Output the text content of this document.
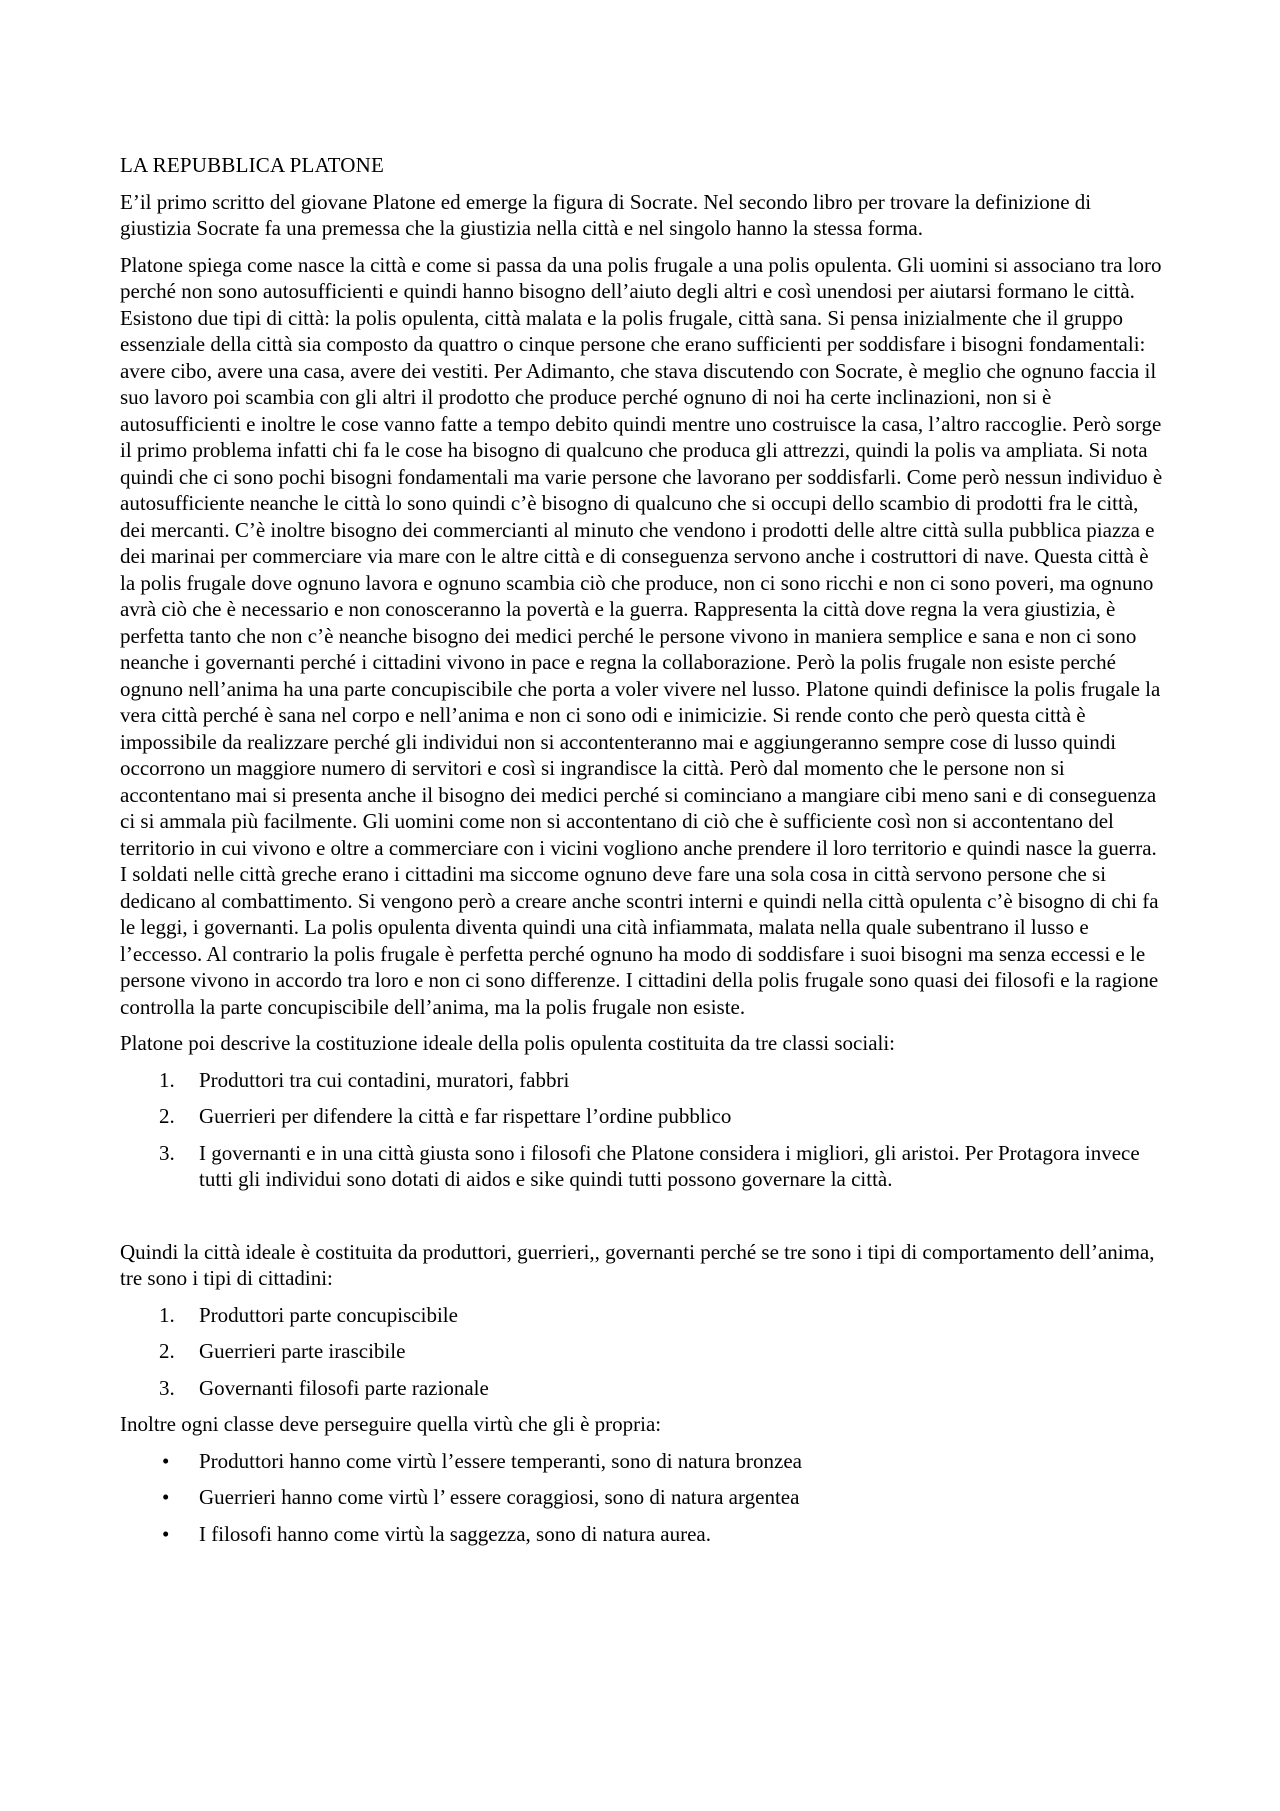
LA REPUBBLICA PLATONE

E’il primo scritto del giovane Platone ed emerge la figura di Socrate. Nel secondo libro per trovare la definizione di giustizia Socrate fa una premessa che la giustizia nella città e nel singolo hanno la stessa forma.

Platone spiega come nasce la città e come si passa da una polis frugale a una polis opulenta. Gli uomini si associano tra loro perché non sono autosufficienti e quindi hanno bisogno dell’aiuto degli altri e così unendosi per aiutarsi formano le città. Esistono due tipi di città: la polis opulenta, città malata e la polis frugale, città sana. Si pensa inizialmente che il gruppo essenziale della città sia composto da quattro o cinque persone che erano sufficienti per soddisfare i bisogni fondamentali: avere cibo, avere una casa, avere dei vestiti. Per Adimanto, che stava discutendo con Socrate, è meglio che ognuno faccia il suo lavoro poi scambia con gli altri il prodotto che produce perché ognuno di noi ha certe inclinazioni, non si è autosufficienti e inoltre le cose vanno fatte a tempo debito quindi mentre uno costruisce la casa, l’altro raccoglie. Però sorge il primo problema infatti chi fa le cose ha bisogno di qualcuno che produca gli attrezzi, quindi la polis va ampliata. Si nota quindi che ci sono pochi bisogni fondamentali ma varie persone che lavorano per soddisfarli. Come però nessun individuo è autosufficiente neanche le città lo sono quindi c’è bisogno di qualcuno che si occupi dello scambio di prodotti fra le città, dei mercanti. C’è inoltre bisogno dei commercianti al minuto che vendono i prodotti delle altre città sulla pubblica piazza e dei marinai per commerciare via mare con le altre città e di conseguenza servono anche i costruttori di nave. Questa città è la polis frugale dove ognuno lavora e ognuno scambia ciò che produce, non ci sono ricchi e non ci sono poveri, ma ognuno avrà ciò che è necessario e non conosceranno la povertà e la guerra. Rappresenta la città dove regna la vera giustizia, è perfetta tanto che non c’è neanche bisogno dei medici perché le persone vivono in maniera semplice e sana e non ci sono neanche i governanti perché i cittadini vivono in pace e regna la collaborazione. Però la polis frugale non esiste perché ognuno nell’anima ha una parte concupiscibile che porta a voler vivere nel lusso. Platone quindi definisce la polis frugale la vera città perché è sana nel corpo e nell’anima e non ci sono odi e inimicizie. Si rende conto che però questa città è impossibile da realizzare perché gli individui non si accontenteranno mai e aggiungeranno sempre cose di lusso quindi occorrono un maggiore numero di servitori e così si ingrandisce la città. Però dal momento che le persone non si accontentano mai si presenta anche il bisogno dei medici perché si cominciano a mangiare cibi meno sani e di conseguenza ci si ammala più facilmente. Gli uomini come non si accontentano di ciò che è sufficiente così non si accontentano del territorio in cui vivono e oltre a commerciare con i vicini vogliono anche prendere il loro territorio e quindi nasce la guerra. I soldati nelle città greche erano i cittadini ma siccome ognuno deve fare una sola cosa in città servono persone che si dedicano al combattimento. Si vengono però a creare anche scontri interni e quindi nella città opulenta c’è bisogno di chi fa le leggi, i governanti. La polis opulenta diventa quindi una cità infiammata, malata nella quale subentrano il lusso e l’eccesso. Al contrario la polis frugale è perfetta perché ognuno ha modo di soddisfare i suoi bisogni ma senza eccessi e le persone vivono in accordo tra loro e non ci sono differenze. I cittadini della polis frugale sono quasi dei filosofi e la ragione controlla la parte concupiscibile dell’anima, ma la polis frugale non esiste.

Platone poi descrive la costituzione ideale della polis opulenta costituita da tre classi sociali:

1. Produttori tra cui contadini, muratori, fabbri
2. Guerrieri per difendere la città e far rispettare l’ordine pubblico
3. I governanti e in una città giusta sono i filosofi che Platone considera i migliori, gli aristoi. Per Protagora invece tutti gli individui sono dotati di aidos e sike quindi tutti possono governare la città.

Quindi la città ideale è costituita da produttori, guerrieri,, governanti perché se tre sono i tipi di comportamento dell’anima, tre sono i tipi di cittadini:

1. Produttori parte concupiscibile
2. Guerrieri parte irascibile
3. Governanti filosofi parte razionale

Inoltre ogni classe deve perseguire quella virtù che gli è propria:

• Produttori hanno come virtù l’essere temperanti, sono di natura bronzea
• Guerrieri hanno come virtù l’ essere coraggiosi, sono di natura argentea
• I filosofi hanno come virtù la saggezza, sono di natura aurea.
